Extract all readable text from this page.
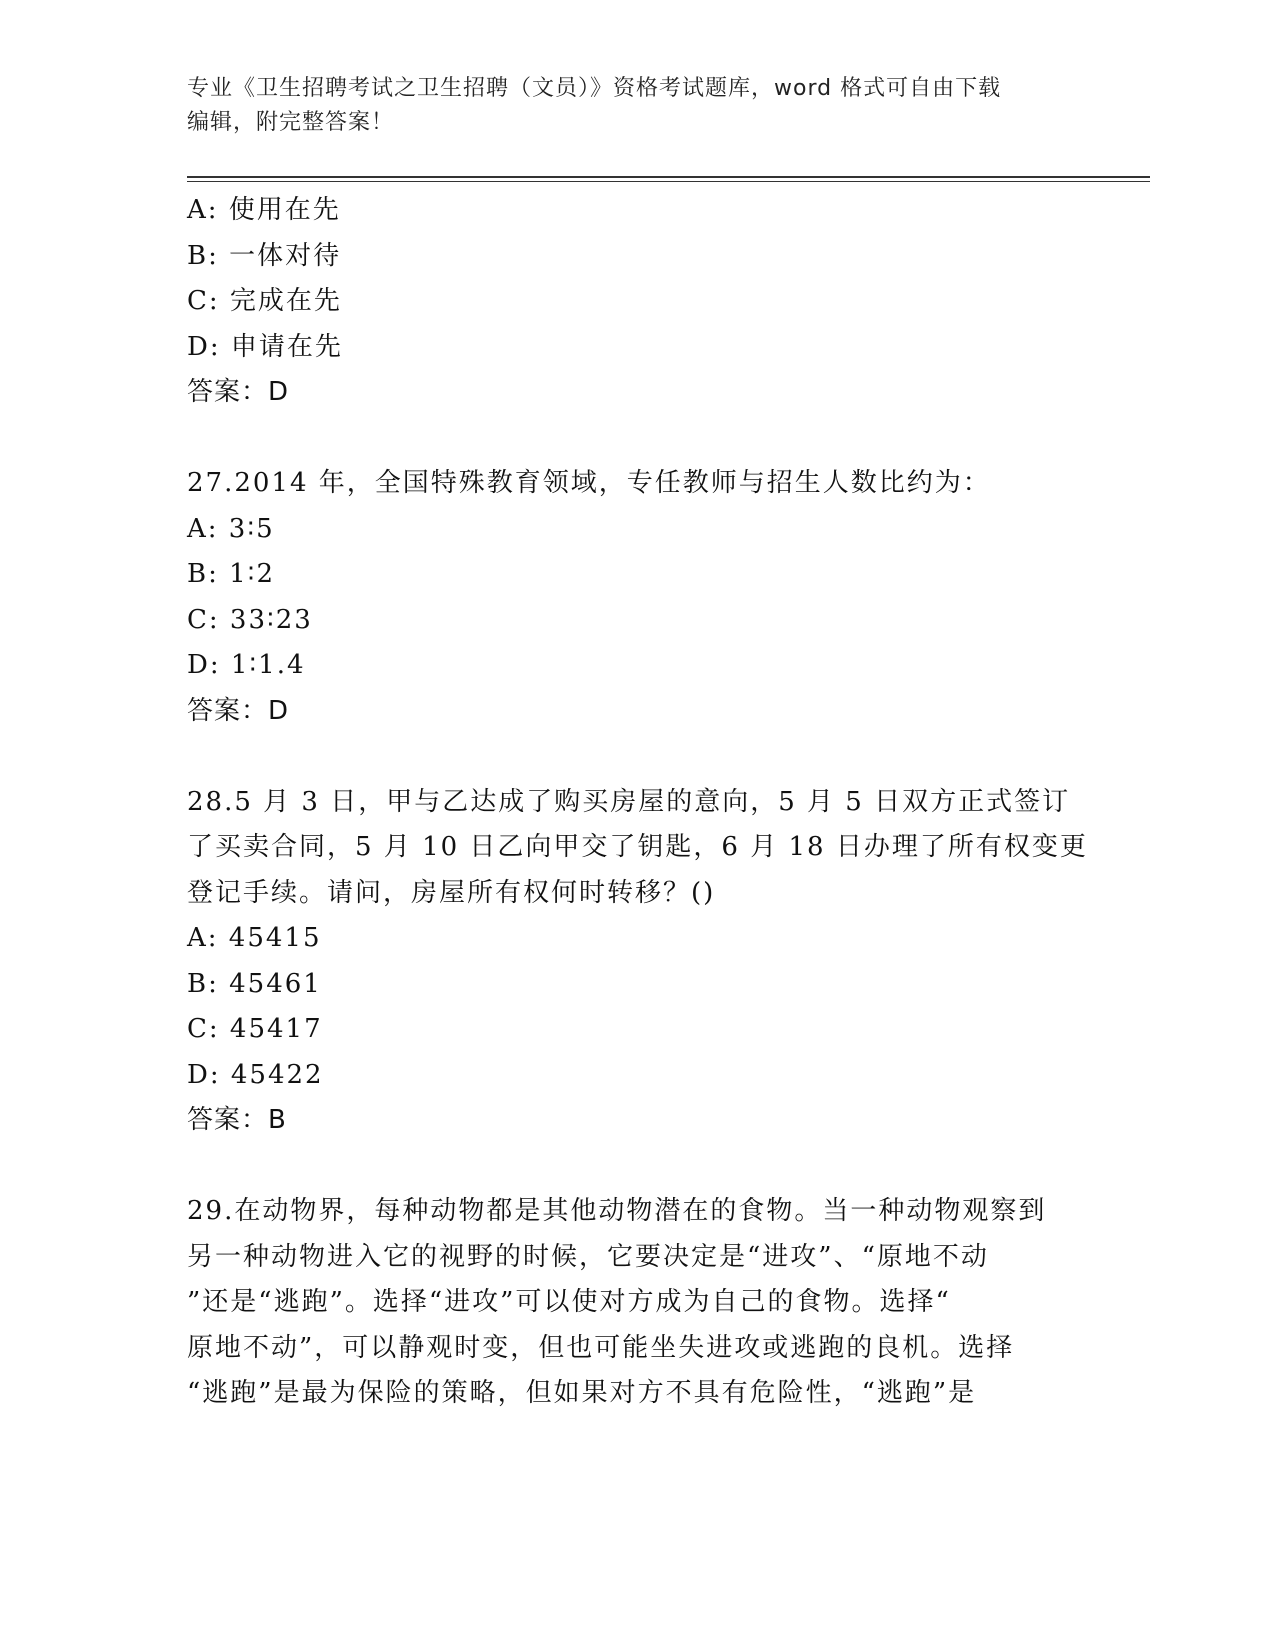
专业《卫生招聘考试之卫生招聘（文员）》资格考试题库，word 格式可自由下载
编辑，附完整答案！
A: 使用在先
B: 一体对待
C: 完成在先
D: 申请在先
答案：D
27.2014 年，全国特殊教育领域，专任教师与招生人数比约为：
A: 3∶5
B: 1∶2
C: 33∶23
D: 1∶1.4
答案：D
28.5 月 3 日，甲与乙达成了购买房屋的意向，5 月 5 日双方正式签订
了买卖合同，5 月 10 日乙向甲交了钥匙，6 月 18 日办理了所有权变更
登记手续。请问，房屋所有权何时转移？()
A: 45415
B: 45461
C: 45417
D: 45422
答案：B
29.在动物界，每种动物都是其他动物潜在的食物。当一种动物观察到
另一种动物进入它的视野的时候，它要决定是“进攻”、“原地不动
”还是“逃跑”。选择“进攻”可以使对方成为自己的食物。选择“
原地不动”，可以静观时变，但也可能坐失进攻或逃跑的良机。选择
“逃跑”是最为保险的策略，但如果对方不具有危险性，“逃跑”是
